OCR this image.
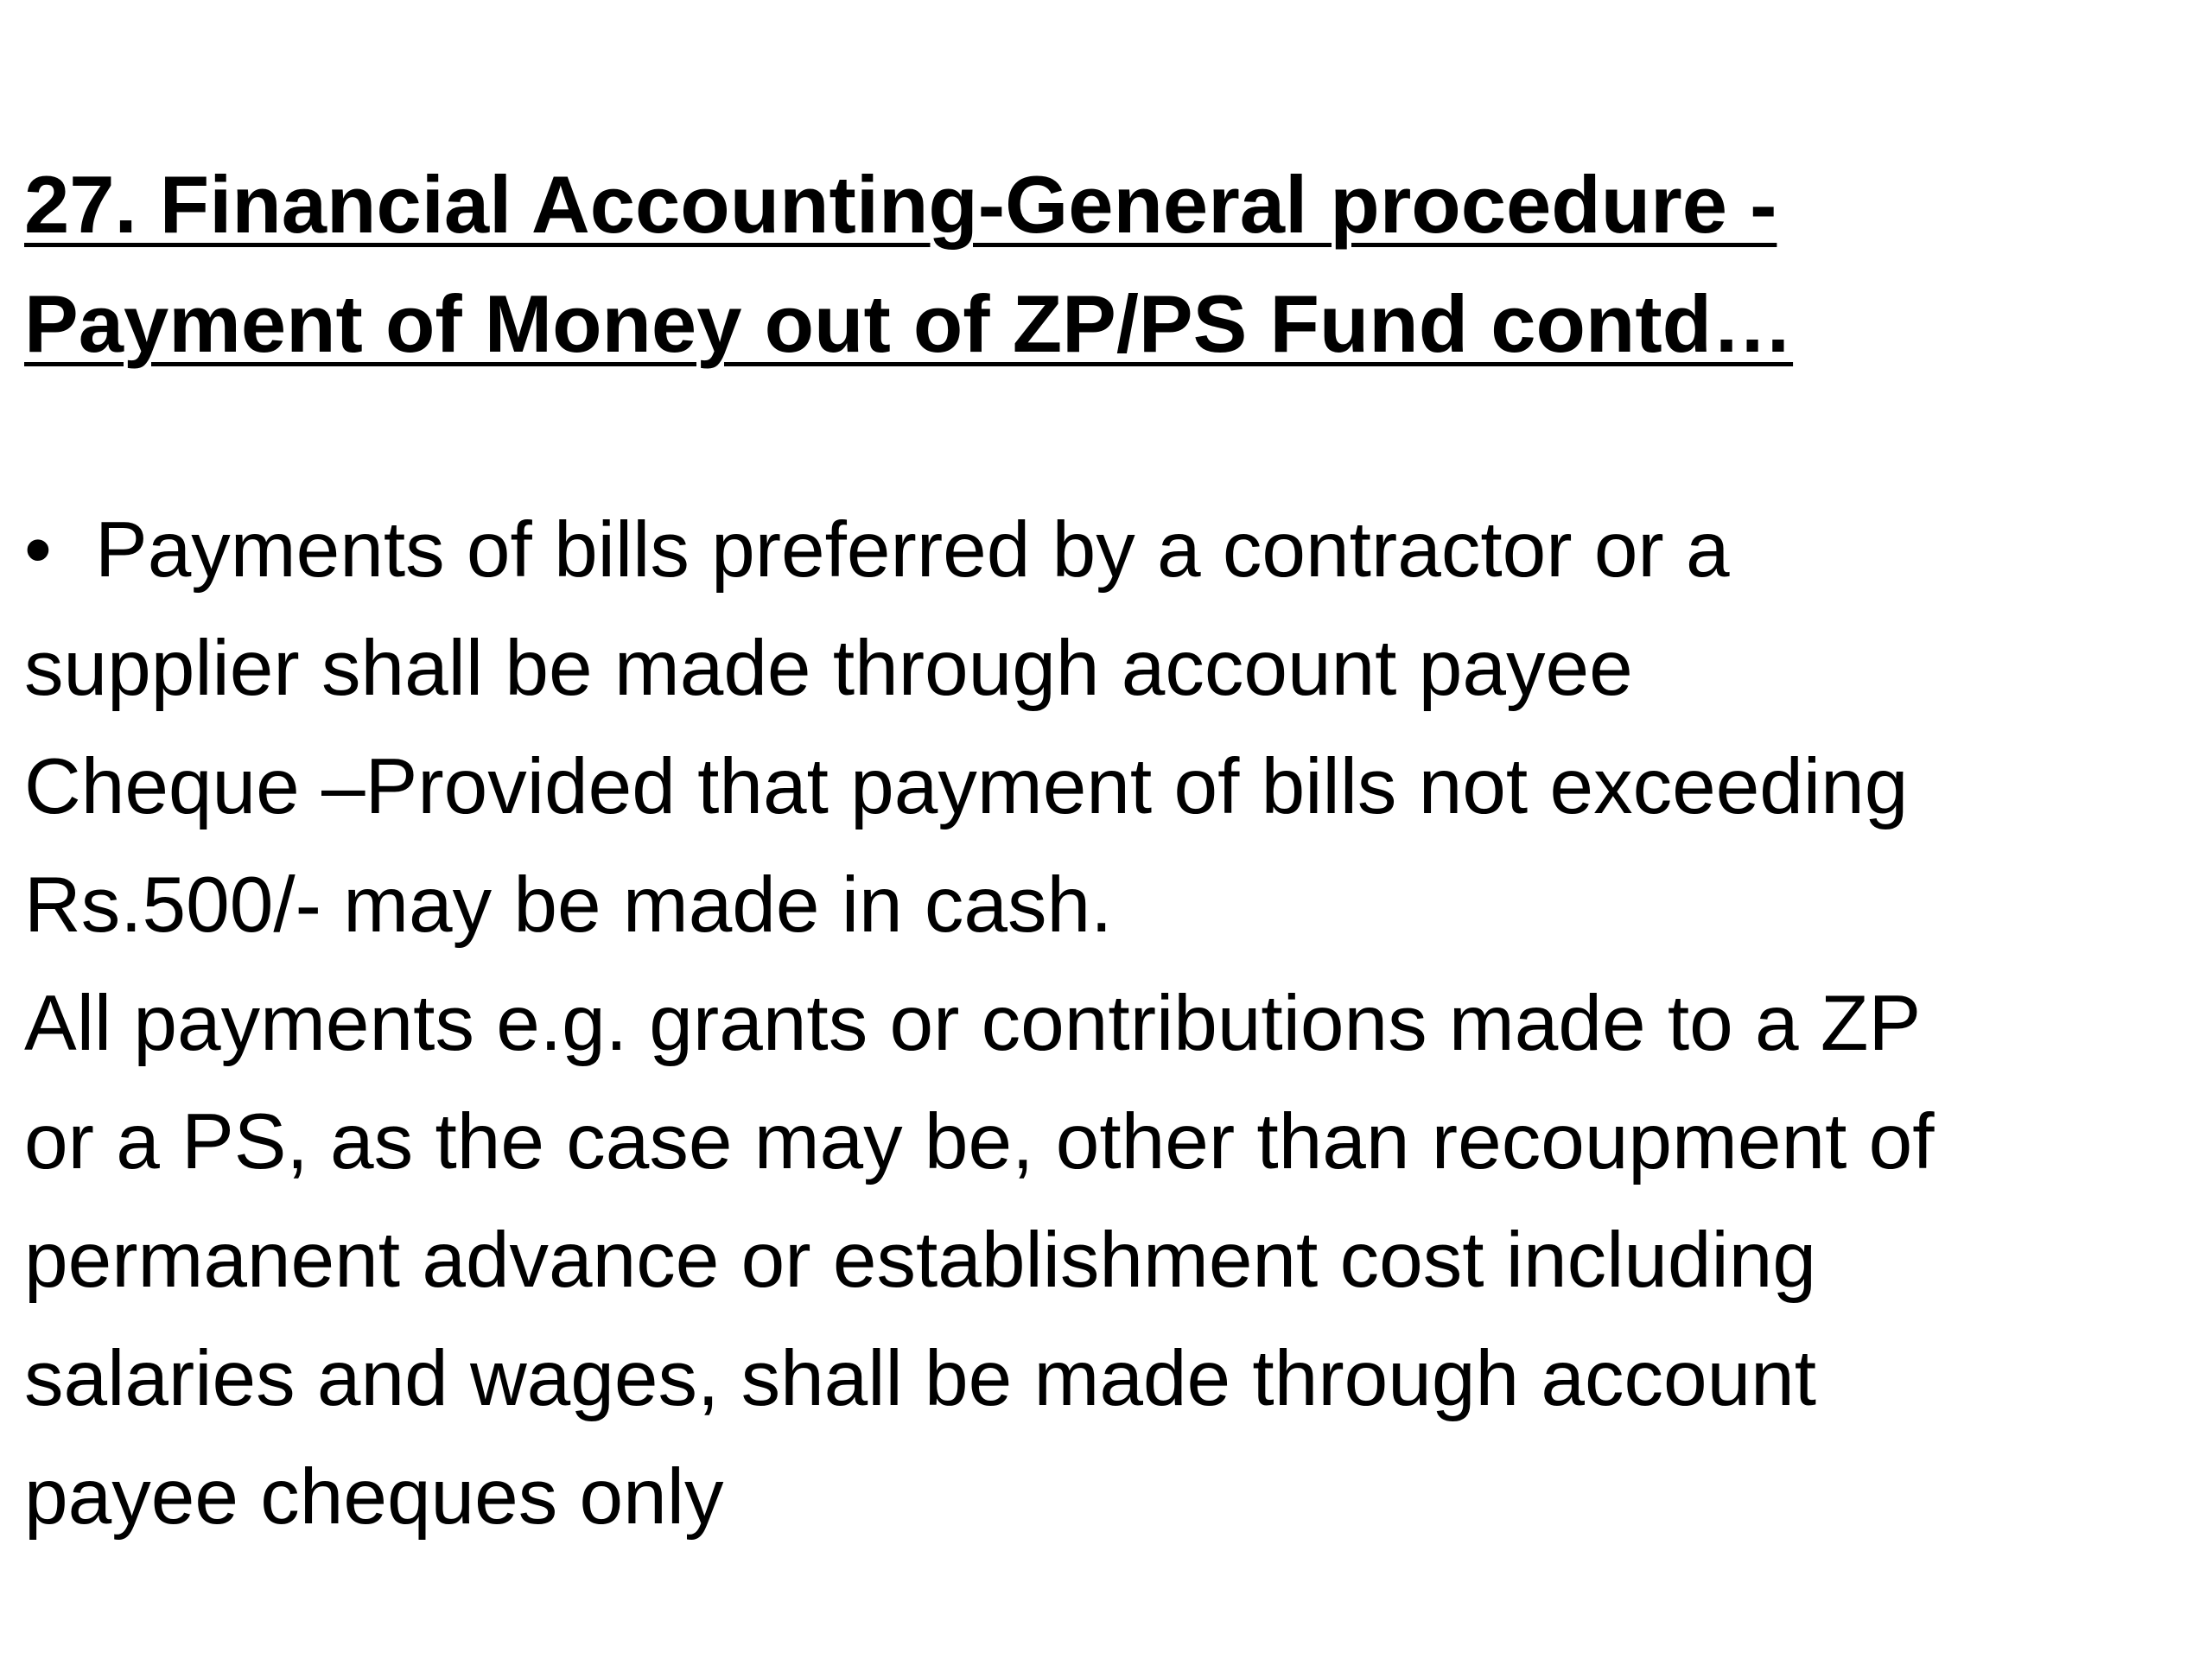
27. Financial Accounting-General procedure -
Payment of Money out of ZP/PS Fund contd…
• Payments of bills preferred by a contractor or a
supplier shall be made through account payee
Cheque –Provided that payment of bills not exceeding
Rs.500/- may be made in cash.
All payments e.g. grants or contributions made to a ZP
or a PS, as the case may be, other than recoupment of
permanent advance or establishment cost including
salaries and wages, shall be made through account
payee cheques only
